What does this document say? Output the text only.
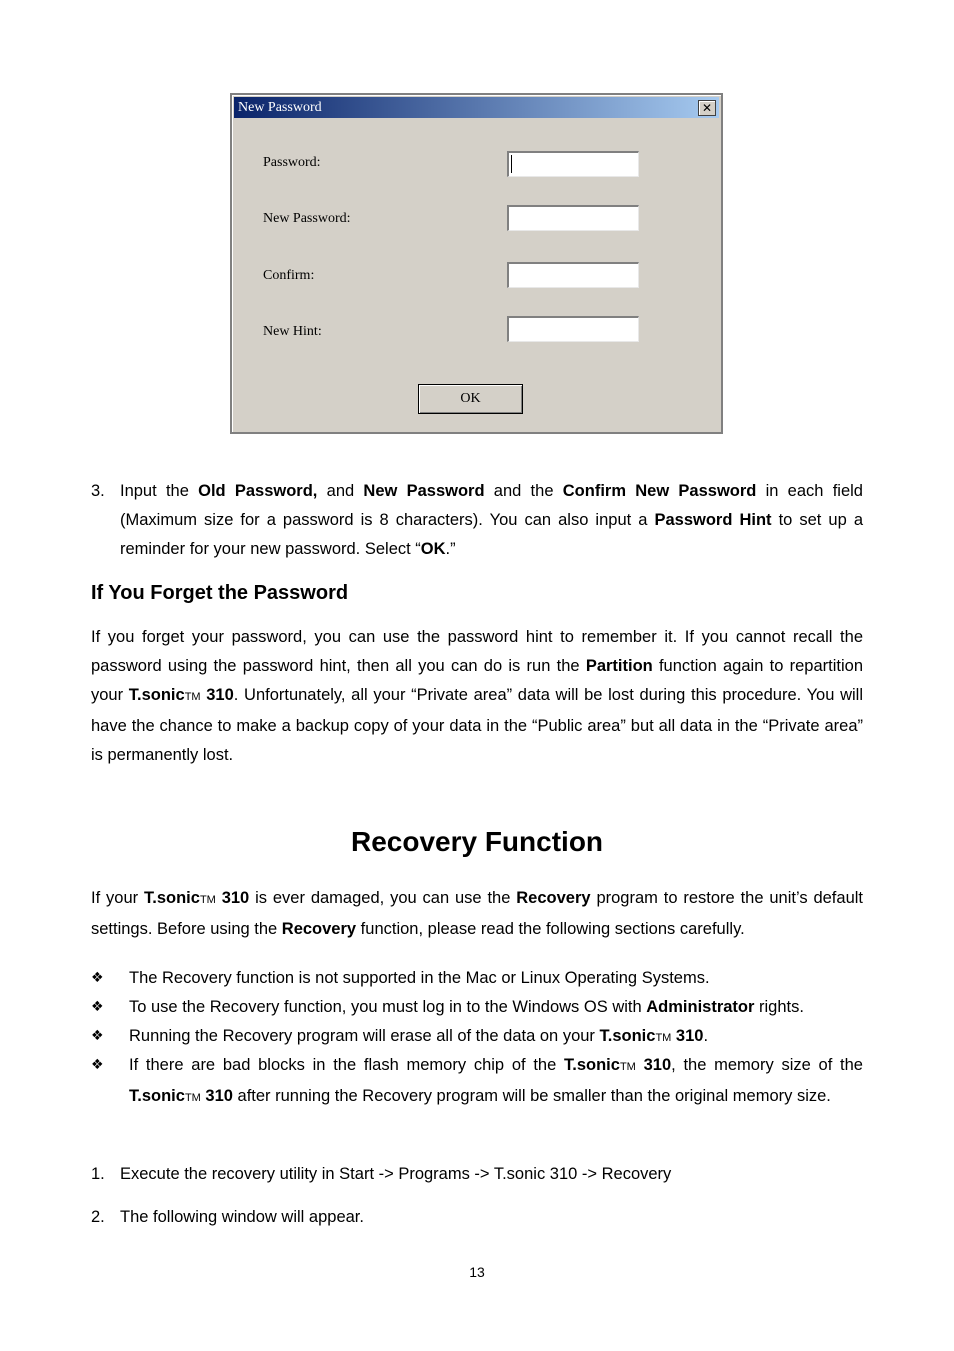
New Password	✕
Password:
New Password:
Confirm:
New Hint:
OK
3. Input the Old Password, and New Password and the Confirm New Password in each field (Maximum size for a password is 8 characters). You can also input a Password Hint to set up a reminder for your new password. Select “OK.”
If You Forget the Password
If you forget your password, you can use the password hint to remember it. If you cannot recall the password using the password hint, then all you can do is run the Partition function again to repartition your T.sonicTM 310. Unfortunately, all your “Private area” data will be lost during this procedure. You will have the chance to make a backup copy of your data in the “Public area” but all data in the “Private area” is permanently lost.
Recovery Function
If your T.sonicTM 310 is ever damaged, you can use the Recovery program to restore the unit’s default settings. Before using the Recovery function, please read the following sections carefully.
❖ The Recovery function is not supported in the Mac or Linux Operating Systems.
❖ To use the Recovery function, you must log in to the Windows OS with Administrator rights.
❖ Running the Recovery program will erase all of the data on your T.sonicTM 310.
❖ If there are bad blocks in the flash memory chip of the T.sonicTM 310, the memory size of the T.sonicTM 310 after running the Recovery program will be smaller than the original memory size.
1. Execute the recovery utility in Start -> Programs -> T.sonic 310 -> Recovery
2. The following window will appear.
13
